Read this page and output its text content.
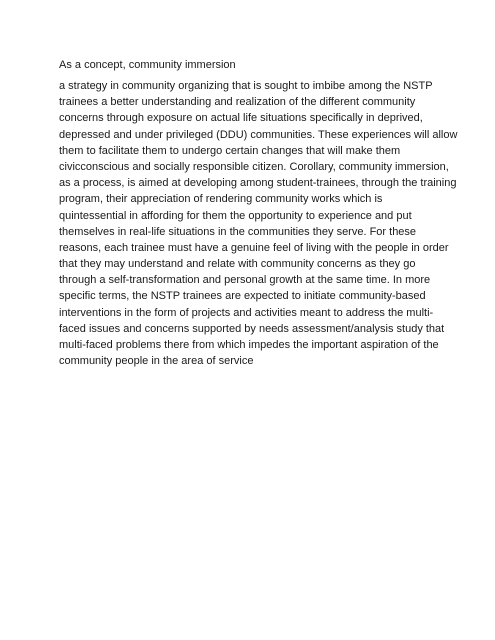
As a concept, community immersion
a strategy in community organizing that is sought to imbibe among the NSTP
trainees a better understanding and realization of the different community
concerns through exposure on actual life situations specifically in deprived,
depressed and under privileged (DDU) communities. These experiences will allow
them to facilitate them to undergo certain changes that will make them
civicconscious and socially responsible citizen. Corollary, community immersion,
as a process, is aimed at developing among student-trainees, through the training
program, their appreciation of rendering community works which is
quintessential in affording for them the opportunity to experience and put
themselves in real-life situations in the communities they serve. For these
reasons, each trainee must have a genuine feel of living with the people in order
that they may understand and relate with community concerns as they go
through a self-transformation and personal growth at the same time. In more
specific terms, the NSTP trainees are expected to initiate community-based
interventions in the form of projects and activities meant to address the multi-
faced issues and concerns supported by needs assessment/analysis study that
multi-faced problems there from which impedes the important aspiration of the
community people in the area of service
